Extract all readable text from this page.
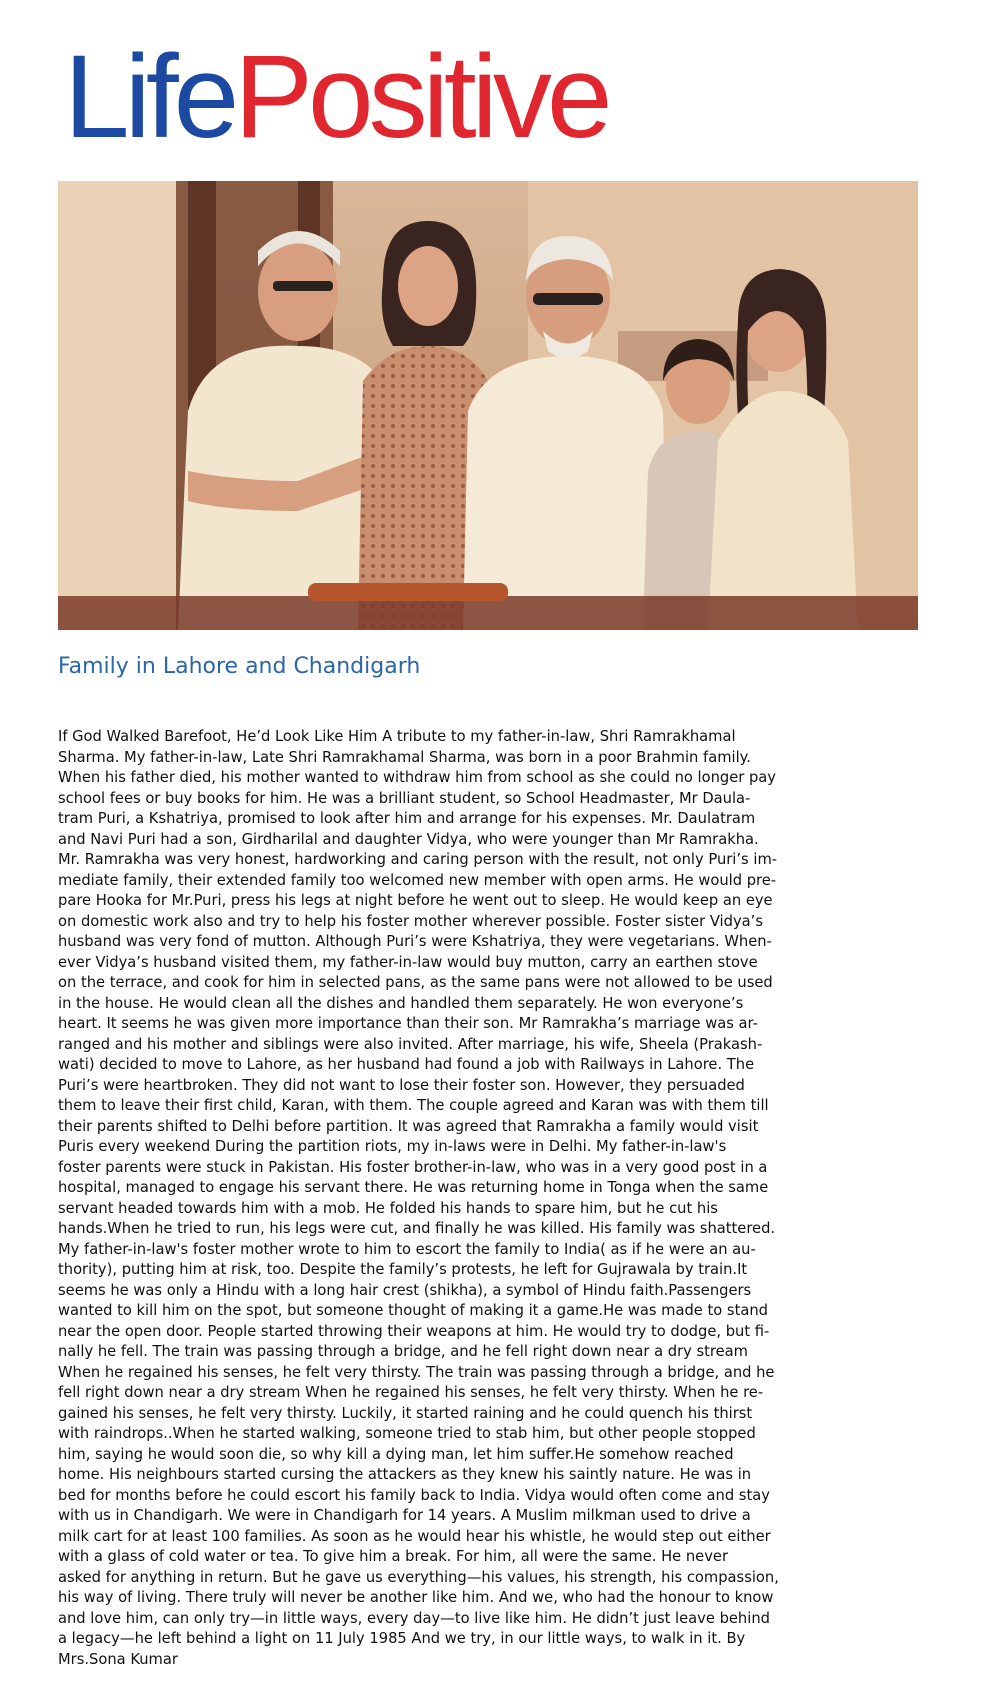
LifePositive
Family in Lahore and Chandigarh
If God Walked Barefoot, He’d Look Like Him A tribute to my father-in-law, Shri Ramrakhamal
Sharma. My father-in-law, Late Shri Ramrakhamal Sharma, was born in a poor Brahmin family.
When his father died, his mother wanted to withdraw him from school as she could no longer pay
school fees or buy books for him. He was a brilliant student, so School Headmaster, Mr Daula-
tram Puri, a Kshatriya, promised to look after him and arrange for his expenses. Mr. Daulatram
and Navi Puri had a son, Girdharilal and daughter Vidya, who were younger than Mr Ramrakha.
Mr. Ramrakha was very honest, hardworking and caring person with the result, not only Puri’s im-
mediate family, their extended family too welcomed new member with open arms. He would pre-
pare Hooka for Mr.Puri, press his legs at night before he went out to sleep. He would keep an eye
on domestic work also and try to help his foster mother wherever possible. Foster sister Vidya’s
husband was very fond of mutton. Although Puri’s were Kshatriya, they were vegetarians. When-
ever Vidya’s husband visited them, my father-in-law would buy mutton, carry an earthen stove
on the terrace, and cook for him in selected pans, as the same pans were not allowed to be used
in the house. He would clean all the dishes and handled them separately. He won everyone’s
heart. It seems he was given more importance than their son. Mr Ramrakha’s marriage was ar-
ranged and his mother and siblings were also invited. After marriage, his wife, Sheela (Prakash-
wati) decided to move to Lahore, as her husband had found a job with Railways in Lahore. The
Puri’s were heartbroken. They did not want to lose their foster son. However, they persuaded
them to leave their first child, Karan, with them. The couple agreed and Karan was with them till
their parents shifted to Delhi before partition. It was agreed that Ramrakha a family would visit
Puris every weekend During the partition riots, my in-laws were in Delhi. My father-in-law's
foster parents were stuck in Pakistan. His foster brother-in-law, who was in a very good post in a
hospital, managed to engage his servant there. He was returning home in Tonga when the same
servant headed towards him with a mob. He folded his hands to spare him, but he cut his
hands.When he tried to run, his legs were cut, and finally he was killed. His family was shattered.
My father-in-law's foster mother wrote to him to escort the family to India( as if he were an au-
thority), putting him at risk, too. Despite the family’s protests, he left for Gujrawala by train.It
seems he was only a Hindu with a long hair crest (shikha), a symbol of Hindu faith.Passengers
wanted to kill him on the spot, but someone thought of making it a game.He was made to stand
near the open door. People started throwing their weapons at him. He would try to dodge, but fi-
nally he fell. The train was passing through a bridge, and he fell right down near a dry stream
When he regained his senses, he felt very thirsty. The train was passing through a bridge, and he
fell right down near a dry stream When he regained his senses, he felt very thirsty. When he re-
gained his senses, he felt very thirsty. Luckily, it started raining and he could quench his thirst
with raindrops..When he started walking, someone tried to stab him, but other people stopped
him, saying he would soon die, so why kill a dying man, let him suffer.He somehow reached
home. His neighbours started cursing the attackers as they knew his saintly nature. He was in
bed for months before he could escort his family back to India. Vidya would often come and stay
with us in Chandigarh. We were in Chandigarh for 14 years. A Muslim milkman used to drive a
milk cart for at least 100 families. As soon as he would hear his whistle, he would step out either
with a glass of cold water or tea. To give him a break. For him, all were the same. He never
asked for anything in return. But he gave us everything—his values, his strength, his compassion,
his way of living. There truly will never be another like him. And we, who had the honour to know
and love him, can only try—in little ways, every day—to live like him. He didn’t just leave behind
a legacy—he left behind a light on 11 July 1985 And we try, in our little ways, to walk in it. By
Mrs.Sona Kumar
